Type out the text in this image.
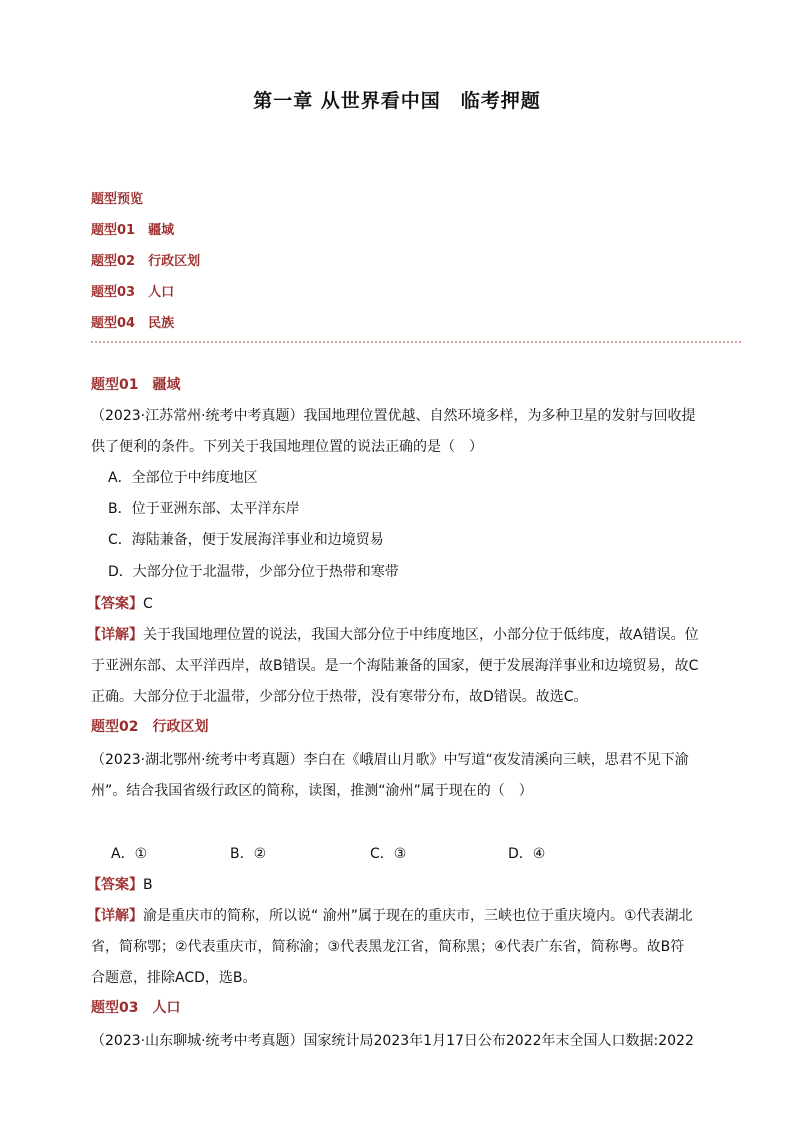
第一章 从世界看中国　临考押题
题型预览
题型01　疆域
题型02　行政区划
题型03　人口
题型04　民族
题型01　疆域
（2023·江苏常州·统考中考真题）我国地理位置优越、自然环境多样，为多种卫星的发射与回收提
供了便利的条件。下列关于我国地理位置的说法正确的是（　）
A．全部位于中纬度地区
B．位于亚洲东部、太平洋东岸
C．海陆兼备，便于发展海洋事业和边境贸易
D．大部分位于北温带，少部分位于热带和寒带
【答案】C
【详解】关于我国地理位置的说法，我国大部分位于中纬度地区，小部分位于低纬度，故A错误。位
于亚洲东部、太平洋西岸，故B错误。是一个海陆兼备的国家，便于发展海洋事业和边境贸易，故C
正确。大部分位于北温带，少部分位于热带，没有寒带分布，故D错误。故选C。
题型02　行政区划
（2023·湖北鄂州·统考中考真题）李白在《峨眉山月歌》中写道“夜发清溪向三峡，思君不见下渝
州”。结合我国省级行政区的简称，读图，推测“渝州”属于现在的（　）
A．①	B．②	C．③	D．④
【答案】B
【详解】渝是重庆市的简称，所以说“ 渝州”属于现在的重庆市，三峡也位于重庆境内。①代表湖北
省，简称鄂；②代表重庆市，简称渝；③代表黑龙江省，简称黑；④代表广东省，简称粤。故B符
合题意，排除ACD，选B。
题型03　人口
（2023·山东聊城·统考中考真题）国家统计局2023年1月17日公布2022年末全国人口数据:2022
